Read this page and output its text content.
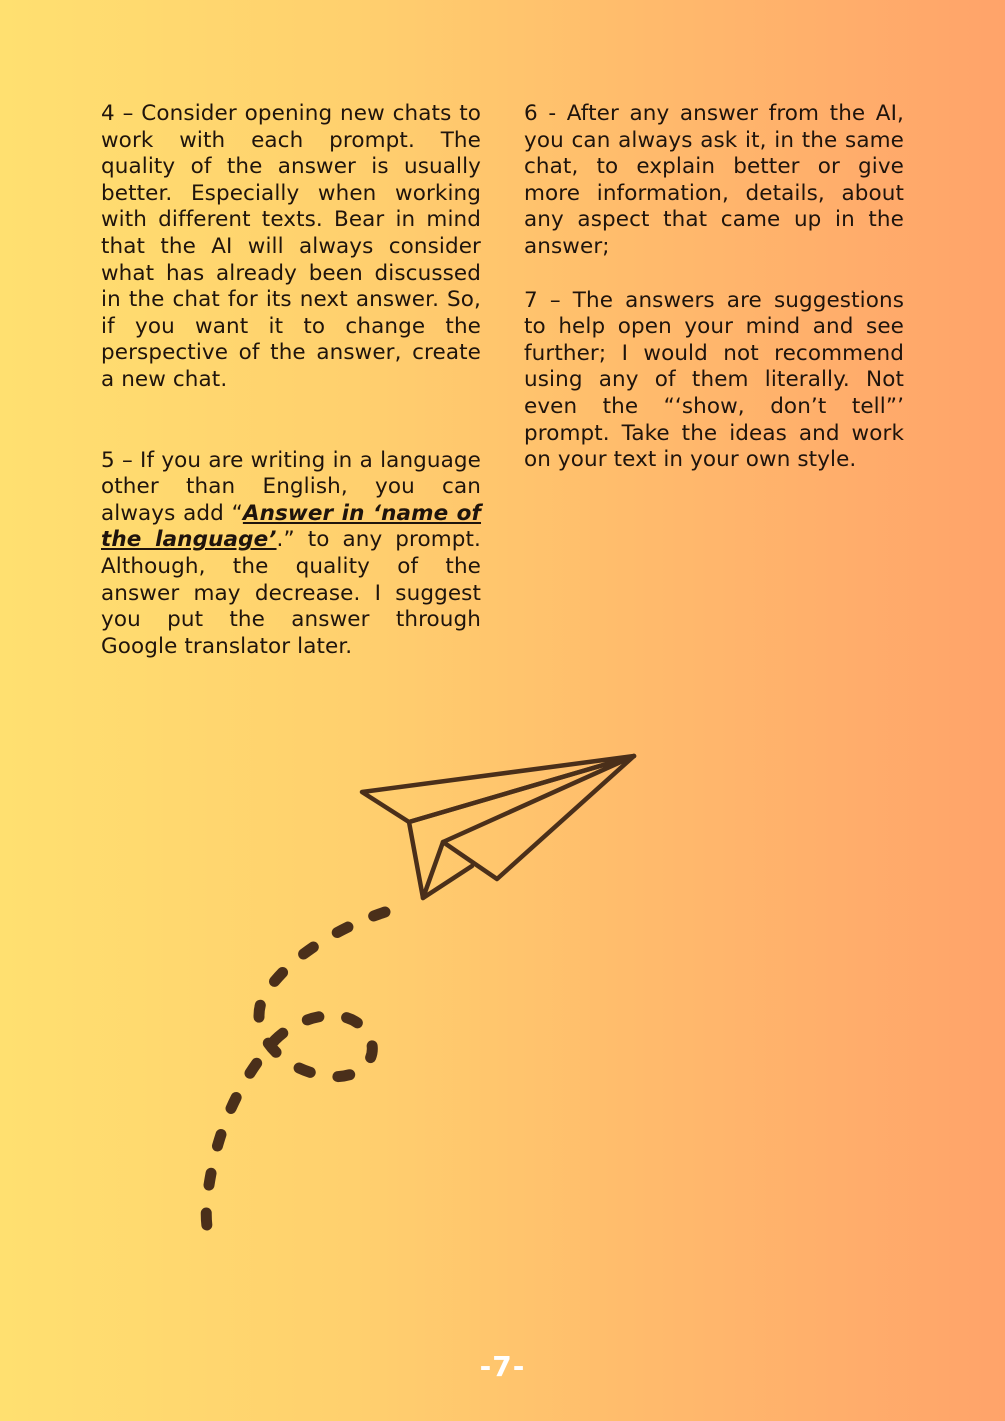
4 – Consider opening new chats to work with each prompt. The quality of the answer is usually better. Especially when working with different texts. Bear in mind that the AI will always consider what has already been discussed in the chat for its next answer. So, if you want it to change the perspective of the answer, create a new chat.

5 – If you are writing in a language other than English, you can always add “Answer in ‘name of the language’.” to any prompt. Although, the quality of the answer may decrease. I suggest you put the answer through Google translator later.

6 - After any answer from the AI, you can always ask it, in the same chat, to explain better or give more information, details, about any aspect that came up in the answer;

7 – The answers are suggestions to help open your mind and see further; I would not recommend using any of them literally. Not even the “‘show, don’t tell”’ prompt. Take the ideas and work on your text in your own style.

-7-
